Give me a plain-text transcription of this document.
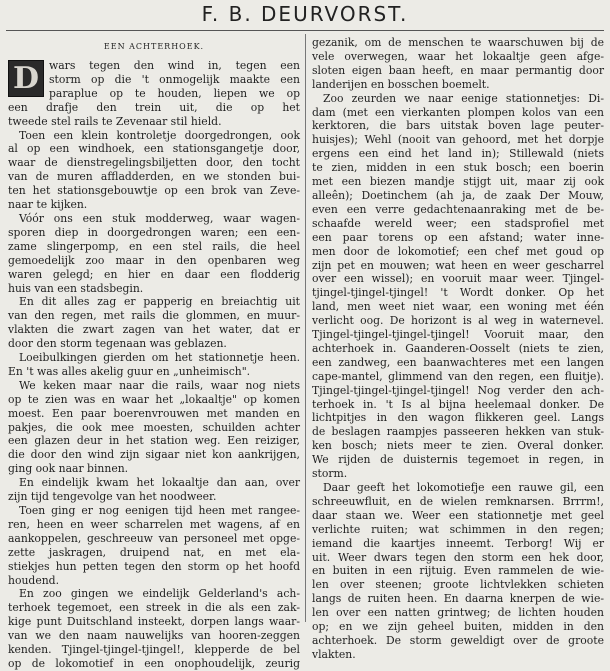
F. B. DEURVORST.
EEN ACHTERHOEK.
D wars tegen den wind in, tegen een
storm op die 't onmogelijk maakte een
paraplue op te houden, liepen we op
een drafje den trein uit, die op het
tweede stel rails te Zevenaar stil hield.
Toen een klein kontroletje doorgedrongen, ook
al op een windhoek, een stationsgangetje door,
waar de dienstregelingsbiljetten door, den tocht
van de muren affladderden, en we stonden bui-
ten het stationsgebouwtje op een brok van Zeve-
naar te kijken.
Vóór ons een stuk modderweg, waar wagen-
sporen diep in doorgedrongen waren; een een-
zame slingerpomp, en een stel rails, die heel
gemoedelijk zoo maar in den openbaren weg
waren gelegd; en hier en daar een flodderig
huis van een stadsbegin.
En dit alles zag er papperig en breiachtig uit
van den regen, met rails die glommen, en muur-
vlakten die zwart zagen van het water, dat er
door den storm tegenaan was geblazen.
Loeibulkingen gierden om het stationnetje heen.
En 't was alles akelig guur en „unheimisch".
We keken maar naar die rails, waar nog niets
op te zien was en waar het „lokaaltje" op komen
moest. Een paar boerenvrouwen met manden en
pakjes, die ook mee moesten, schuilden achter
een glazen deur in het station weg. Een reiziger,
die door den wind zijn sigaar niet kon aankrijgen,
ging ook naar binnen.
En eindelijk kwam het lokaaltje dan aan, over
zijn tijd tengevolge van het noodweer.
Toen ging er nog eenigen tijd heen met rangee-
ren, heen en weer scharrelen met wagens, af en
aankoppelen, geschreeuw van personeel met opge-
zette jaskragen, druipend nat, en met ela-
stiekjes hun petten tegen den storm op het hoofd
houdend.
En zoo gingen we eindelijk Gelderland's ach-
terhoek tegemoet, een streek in die als een zak-
kige punt Duitschland insteekt, dorpen langs waar-
van we den naam nauwelijks van hooren-zeggen
kenden. Tjingel-tjingel-tjingel!, klepperde de bel
op de lokomotief in een onophoudelijk, zeurig
gezanik, om de menschen te waarschuwen bij de
vele overwegen, waar het lokaaltje geen afge-
sloten eigen baan heeft, en maar permantig door
landerijen en bosschen boemelt.
Zoo zeurden we naar eenige stationnetjes: Di-
dam (met een vierkanten plompen kolos van een
kerktoren, die bars uitstak boven lage peuter-
huisjes); Wehl (nooit van gehoord, met het dorpje
ergens een eind het land in); Stillewald (niets
te zien, midden in een stuk bosch; een boerin
met een biezen mandje stijgt uit, maar zij ook
alleên); Doetinchem (ah ja, de zaak Der Mouw,
even een verre gedachtenaanraking met de be-
schaafde wereld weer; een stadsprofiel met
een paar torens op een afstand; water inne-
men door de lokomotief; een chef met goud op
zijn pet en mouwen; wat heen en weer gescharrel
over een wissel); en vooruit maar weer. Tjingel-
tjingel-tjingel-tjingel! 't Wordt donker. Op het
land, men weet niet waar, een woning met één
verlicht oog. De horizont is al weg in waternevel.
Tjingel-tjingel-tjingel-tjingel! Vooruit maar, den
achterhoek in. Gaanderen-Oosselt (niets te zien,
een zandweg, een baanwachteres met een langen
cape-mantel, glimmend van den regen, een fluitje).
Tjingel-tjingel-tjingel-tjingel! Nog verder den ach-
terhoek in. 't Is al bijna heelemaal donker. De
lichtpitjes in den wagon flikkeren geel. Langs
de beslagen raampjes passeeren hekken van stuk-
ken bosch; niets meer te zien. Overal donker.
We rijden de duisternis tegemoet in regen, in
storm.
Daar geeft het lokomotiefje een rauwe gil, een
schreeuwfluit, en de wielen remknarsen. Brrrm!,
daar staan we. Weer een stationnetje met geel
verlichte ruiten; wat schimmen in den regen;
iemand die kaartjes inneemt. Terborg! Wij er
uit. Weer dwars tegen den storm een hek door,
en buiten in een rijtuig. Even rammelen de wie-
len over steenen; groote lichtvlekken schieten
langs de ruiten heen. En daarna knerpen de wie-
len over een natten grintweg; de lichten houden
op; en we zijn geheel buiten, midden in den
achterhoek. De storm geweldigt over de groote
vlakten.
